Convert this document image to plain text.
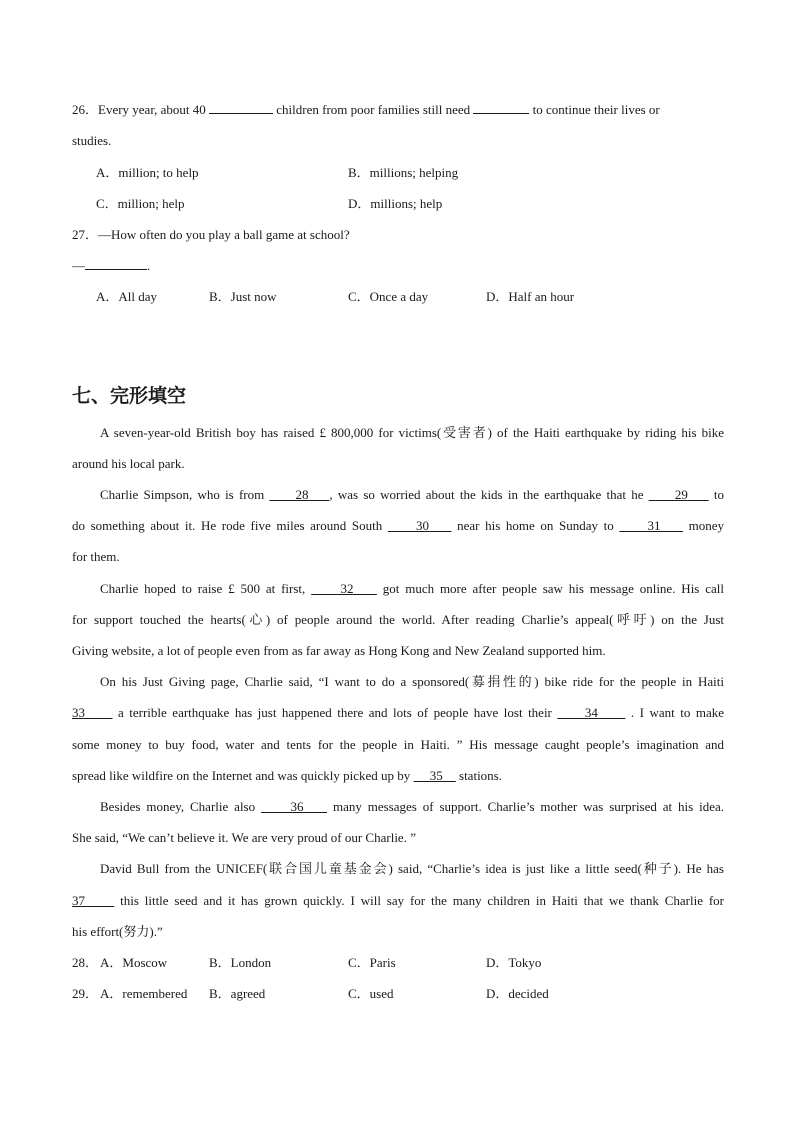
26．Every year, about 40	children from poor families still need	to continue their lives or
studies.
A．million; to help	B．millions; helping
C．million; help	D．millions; help
27．—How often do you play a ball game at school?
—	.
A．All day	B．Just now	C．Once a day	D．Half an hour
七、完形填空
A seven-year-old British boy has raised £ 800,000 for victims(受害者) of the Haiti earthquake by riding his bike
around his local park.
Charlie Simpson, who is from      28 , was so worried about the kids in the earthquake that he      29     to
do something about it. He rode five miles around South      30     near his home on Sunday to      31     money
for them.
Charlie hoped to raise £ 500 at first,      32     got much more after people saw his message online. His call
for support touched the hearts(心) of people around the world. After reading Charlie’s appeal(呼吁) on the Just
Giving website, a lot of people even from as far away as Hong Kong and New Zealand supported him.
On his Just Giving page, Charlie said, “I want to do a sponsored(募捐性的) bike ride for the people in Haiti
33      a terrible earthquake has just happened there and lots of people have lost their      34      . I want to make
some money to buy food, water and tents for the people in Haiti. ” His message caught people’s imagination and
spread like wildfire on the Internet and was quickly picked up by      35     stations.
Besides money, Charlie also      36     many messages of support. Charlie’s mother was surprised at his idea.
She said, “We can’t believe it. We are very proud of our Charlie. ”
David Bull from the UNICEF(联合国儿童基金会) said, “Charlie’s idea is just like a little seed(种子). He has
37      this little seed and it has grown quickly. I will say for the many children in Haiti that we thank Charlie for
his effort(努力).”
28． A．Moscow	B．London	C．Paris	D．Tokyo
29． A．remembered B．agreed	C．used	D．decided
